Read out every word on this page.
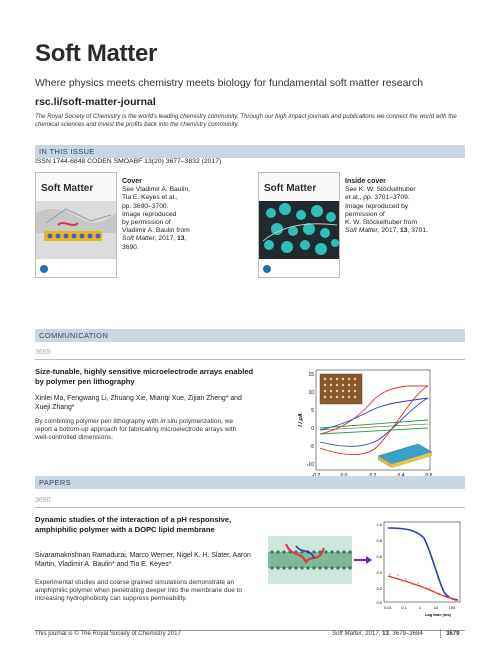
Soft Matter
Where physics meets chemistry meets biology for fundamental soft matter research
rsc.li/soft-matter-journal
The Royal Society of Chemistry is the world's leading chemistry community. Through our high impact journals and publications we connect the world with the chemical sciences and invest the profits back into the chemistry community.
IN THIS ISSUE
ISSN 1744-6848 CODEN SMOABF 13(20) 3677–3832 (2017)
Soft Matter
Cover
See Vladimir A. Baulin,
Tia E. Keyes et al.,
pp. 3690–3700.
Image reproduced
by permission of
Vladimir A. Baulin from
Soft Matter, 2017, 13,
3690.
Soft Matter
Inside cover
See K. W. Stöckelhuber
et al., pp. 3701–3709.
Image reproduced by
permission of
K. W. Stöckelhuber from
Soft Matter, 2017, 13, 3701.
COMMUNICATION
3685
Size-tunable, highly sensitive microelectrode arrays enabled by polymer pen lithography
Xinlei Ma, Fengwang Li, Zhuang Xie, Mianqi Xue, Zijian Zheng* and Xueji Zhang*
By combining polymer pen lithography with in situ polymerization, we report a bottom-up approach for fabricating microelectrode arrays with well-controlled dimensions.
15
10
5
0
-5
-10
I / μA
PAPERS
3690
Dynamic studies of the interaction of a pH responsive, amphiphilic polymer with a DOPC lipid membrane
Sivaramakrishnan Ramadurai, Marco Werner, Nigel K. H. Slater, Aaron Martin, Vladimir A. Baulin* and Tia E. Keyes*
Experimental studies and coarse grained simulations demonstrate an amphiphilic polymer when penetrating deeper into the membrane due to increasing hydrophobicity can suppress permeability.
1.0
0.8
0.6
0.4
0.2
0.0
0.01 0.1	1	10	100
Lag time (ms)
This journal is © The Royal Society of Chemistry 2017	Soft Matter, 2017, 13, 3679–3684	3679
